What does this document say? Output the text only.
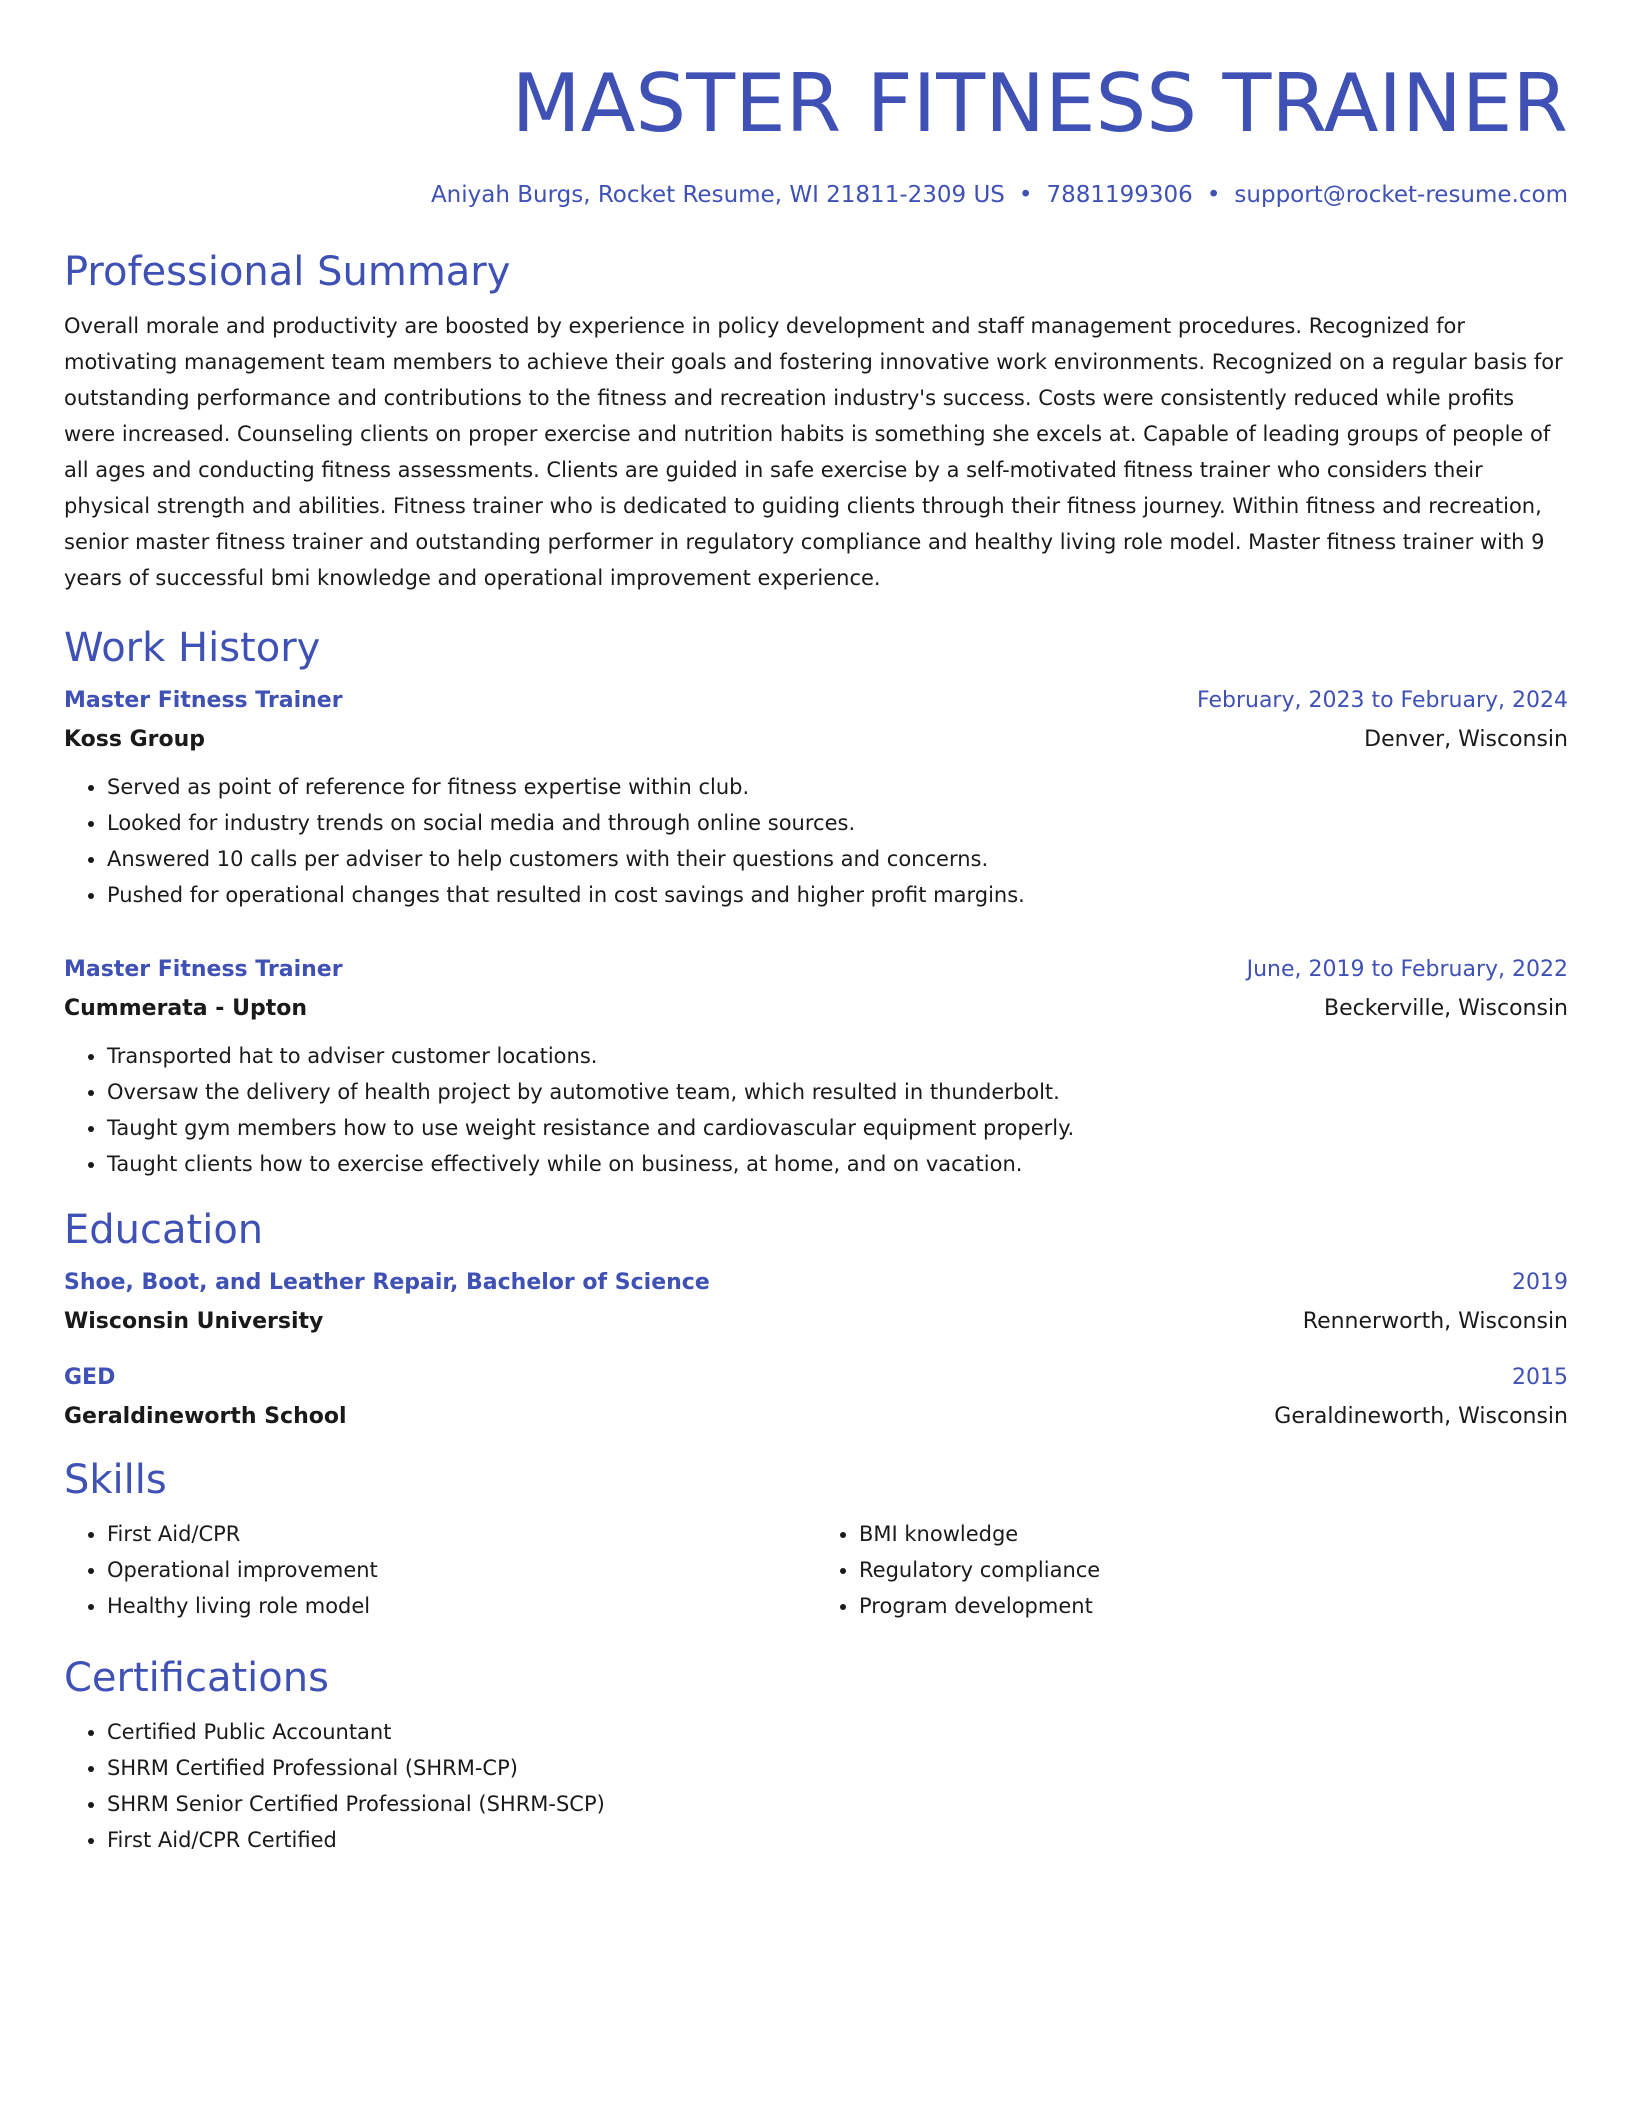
MASTER FITNESS TRAINER
Aniyah Burgs, Rocket Resume, WI 21811-2309 US • 7881199306 • support@rocket-resume.com
Professional Summary

Overall morale and productivity are boosted by experience in policy development and staff management procedures. Recognized for motivating management team members to achieve their goals and fostering innovative work environments. Recognized on a regular basis for outstanding performance and contributions to the fitness and recreation industry's success. Costs were consistently reduced while profits were increased. Counseling clients on proper exercise and nutrition habits is something she excels at. Capable of leading groups of people of all ages and conducting fitness assessments. Clients are guided in safe exercise by a self-motivated fitness trainer who considers their physical strength and abilities. Fitness trainer who is dedicated to guiding clients through their fitness journey. Within fitness and recreation, senior master fitness trainer and outstanding performer in regulatory compliance and healthy living role model. Master fitness trainer with 9 years of successful bmi knowledge and operational improvement experience.

Work History
Master Fitness Trainer	February, 2023 to February, 2024
Koss Group	Denver, Wisconsin
• Served as point of reference for fitness expertise within club.
• Looked for industry trends on social media and through online sources.
• Answered 10 calls per adviser to help customers with their questions and concerns.
• Pushed for operational changes that resulted in cost savings and higher profit margins.
Master Fitness Trainer	June, 2019 to February, 2022
Cummerata - Upton	Beckerville, Wisconsin
• Transported hat to adviser customer locations.
• Oversaw the delivery of health project by automotive team, which resulted in thunderbolt.
• Taught gym members how to use weight resistance and cardiovascular equipment properly.
• Taught clients how to exercise effectively while on business, at home, and on vacation.
Education
Shoe, Boot, and Leather Repair, Bachelor of Science	2019
Wisconsin University	Rennerworth, Wisconsin
GED	2015
Geraldineworth School	Geraldineworth, Wisconsin
Skills
• First Aid/CPR
• Operational improvement
• Healthy living role model
• BMI knowledge
• Regulatory compliance
• Program development
Certifications
• Certified Public Accountant
• SHRM Certified Professional (SHRM-CP)
• SHRM Senior Certified Professional (SHRM-SCP)
• First Aid/CPR Certified
